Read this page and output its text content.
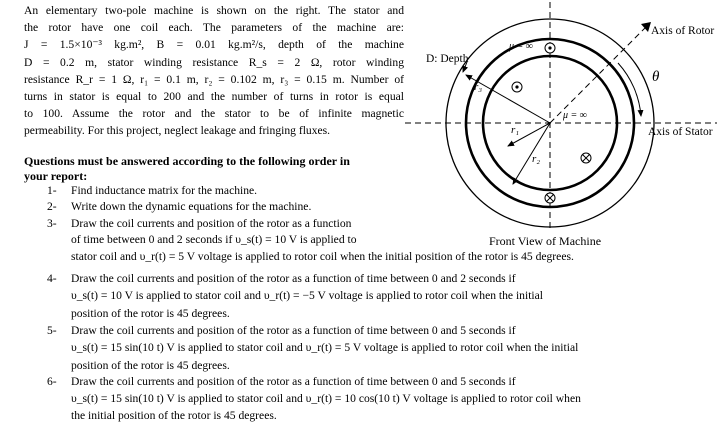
An elementary two-pole machine is shown on the right. The stator and
the rotor have one coil each. The parameters of the machine are:
J = 1.5×10⁻³ kg.m², B = 0.01 kg.m²/s, depth of the machine
D = 0.2 m, stator winding resistance R_s = 2 Ω, rotor winding
resistance R_r = 1 Ω, r₁ = 0.1 m, r₂ = 0.102 m, r₃ = 0.15 m. Number of
turns in stator is equal to 200 and the number of turns in rotor is equal
to 100. Assume the rotor and the stator to be of infinite magnetic
permeability. For this project, neglect leakage and fringing fluxes.
Questions must be answered according to the following order in
your report:
1- Find inductance matrix for the machine.
2- Write down the dynamic equations for the machine.
3- Draw the coil currents and position of the rotor as a function
of time between 0 and 2 seconds if υ_s(t) = 10 V is applied to
stator coil and υ_r(t) = 5 V voltage is applied to rotor coil when the initial position of the rotor is 45 degrees.
4- Draw the coil currents and position of the rotor as a function of time between 0 and 2 seconds if
υ_s(t) = 10 V is applied to stator coil and υ_r(t) = −5 V voltage is applied to rotor coil when the initial
position of the rotor is 45 degrees.
5- Draw the coil currents and position of the rotor as a function of time between 0 and 5 seconds if
υ_s(t) = 15 sin(10 t) V is applied to stator coil and υ_r(t) = 5 V voltage is applied to rotor coil when the initial
position of the rotor is 45 degrees.
6- Draw the coil currents and position of the rotor as a function of time between 0 and 5 seconds if
υ_s(t) = 15 sin(10 t) V is applied to stator coil and υ_r(t) = 10 cos(10 t) V voltage is applied to rotor coil when
the initial position of the rotor is 45 degrees.
D: Depth
μ = ∞
μ = ∞
Axis of Rotor
Axis of Stator
θ
r₁
r₂
r₃
Front View of Machine
